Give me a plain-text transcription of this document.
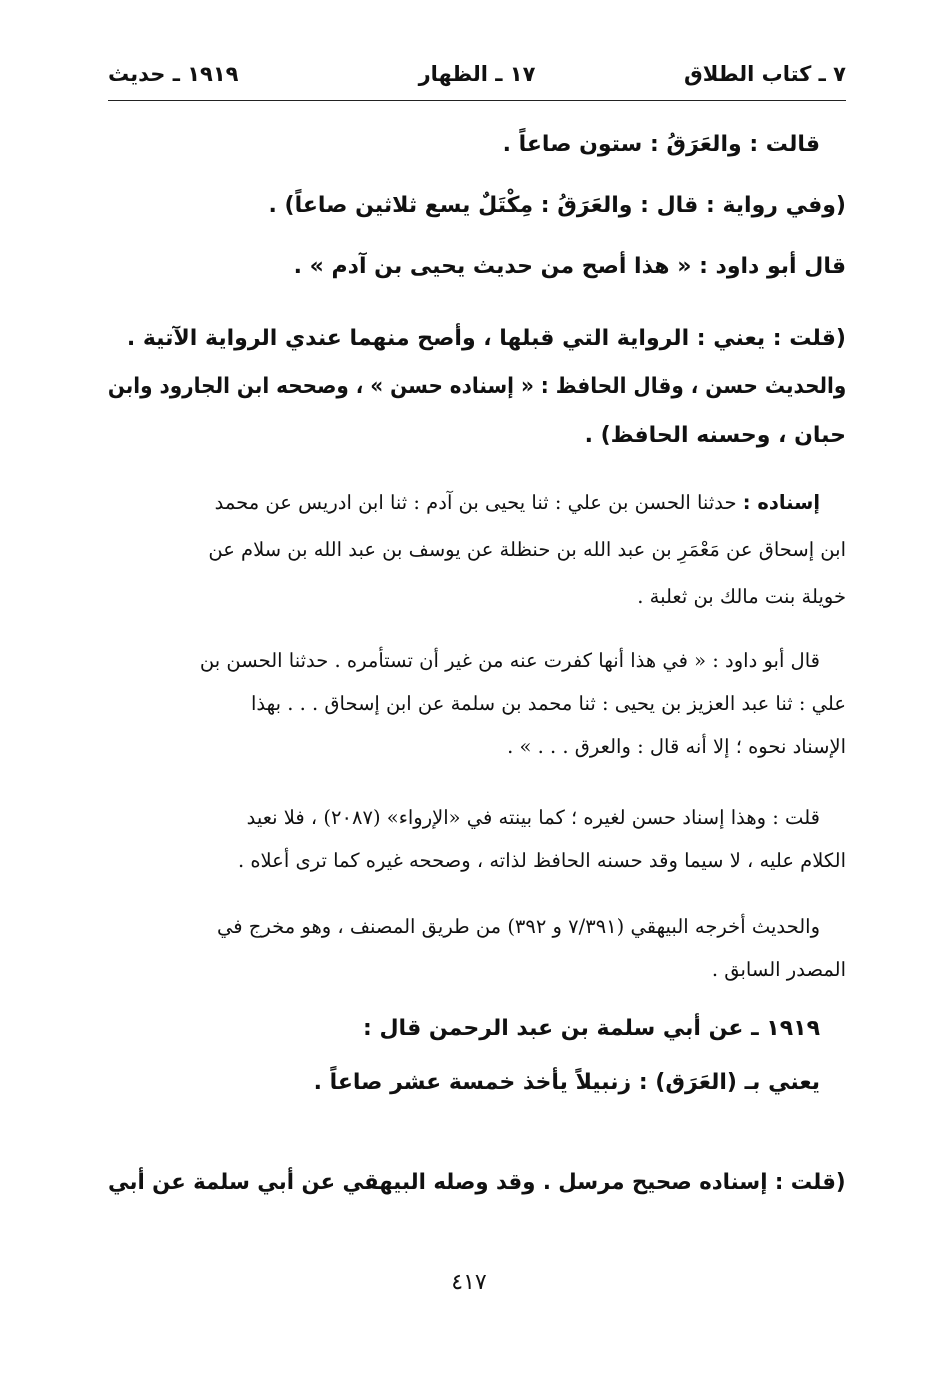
٧ ـ كتاب الطلاق
١٧ ـ الظهار
١٩١٩ ـ حديث
قالت : والعَرَقُ : ستون صاعاً .
(وفي رواية : قال : والعَرَقُ : مِكْتَلٌ يسع ثلاثين صاعاً) .
قال أبو داود : « هذا أصح من حديث يحيى بن آدم » .
(قلت : يعني : الرواية التي قبلها ، وأصح منهما عندي الرواية الآتية .
والحديث حسن ، وقال الحافظ : « إسناده حسن » ، وصححه ابن الجارود وابن
حبان ، وحسنه الحافظ) .
إسناده : حدثنا الحسن بن علي : ثنا يحيى بن آدم : ثنا ابن ادريس عن محمد
ابن إسحاق عن مَعْمَرِ بن عبد الله بن حنظلة عن يوسف بن عبد الله بن سلام عن
خويلة بنت مالك بن ثعلبة .
قال أبو داود : « في هذا أنها كفرت عنه من غير أن تستأمره . حدثنا الحسن بن
علي : ثنا عبد العزيز بن يحيى : ثنا محمد بن سلمة عن ابن إسحاق . . . بهذا
الإسناد نحوه ؛ إلا أنه قال : والعرق . . . » .
قلت : وهذا إسناد حسن لغيره ؛ كما بينته في «الإرواء» (٢٠٨٧) ، فلا نعيد
الكلام عليه ، لا سيما وقد حسنه الحافظ لذاته ، وصححه غيره كما ترى أعلاه .
والحديث أخرجه البيهقي (٧/٣٩١ و ٣٩٢) من طريق المصنف ، وهو مخرج في
المصدر السابق .
١٩١٩ ـ عن أبي سلمة بن عبد الرحمن قال :
يعني بـ (العَرَق) : زنبيلاً يأخذ خمسة عشر صاعاً .
(قلت : إسناده صحيح مرسل . وقد وصله البيهقي عن أبي سلمة عن أبي
٤١٧
